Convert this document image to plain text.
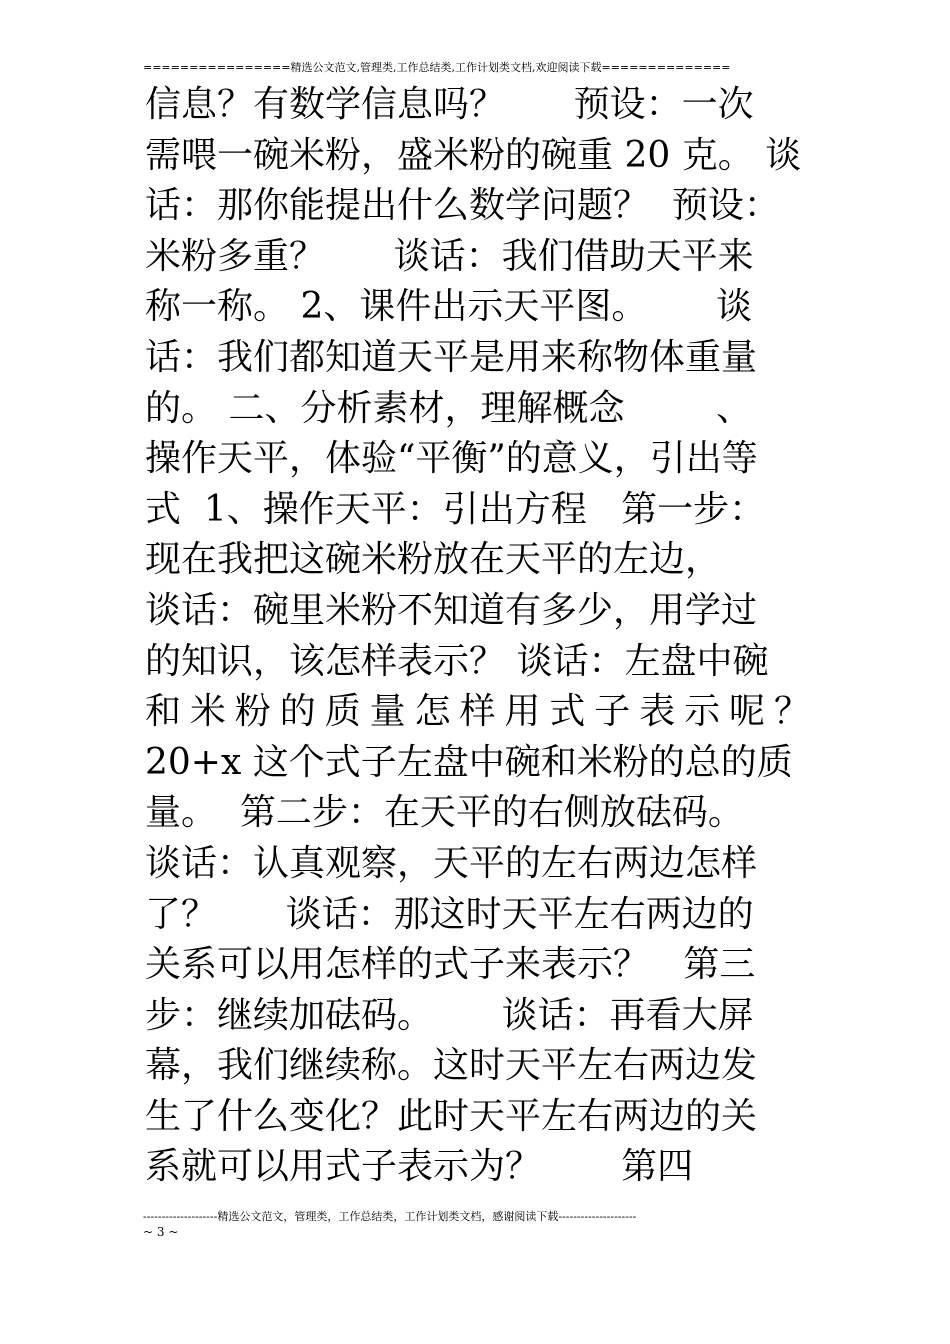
================精选公文范文,管理类,工作总结类,工作计划类文档,欢迎阅读下载==============
信息？有数学信息吗？      预设：一次
需喂一碗米粉，盛米粉的碗重 20 克。 谈
话：那你能提出什么数学问题？  预设：
米粉多重？      谈话：我们借助天平来
称一称。 2、课件出示天平图。      谈
话：我们都知道天平是用来称物体重量
的。 二、分析素材，理解概念        、
操作天平，体验“平衡”的意义，引出等
式  1、操作天平：引出方程   第一步：
现在我把这碗米粉放在天平的左边，
谈话：碗里米粉不知道有多少，用学过
的知识，该怎样表示？ 谈话：左盘中碗
和米粉的质量怎样用式子表示呢？
20+x 这个式子左盘中碗和米粉的总的质
量。  第二步：在天平的右侧放砝码。
谈话：认真观察，天平的左右两边怎样
了？      谈话：那这时天平左右两边的
关系可以用怎样的式子来表示？   第三
步：继续加砝码。      谈话：再看大屏
幕，我们继续称。这时天平左右两边发
生了什么变化？此时天平左右两边的关
系就可以用式子表示为？       第四
--------------------精选公文范文，管理类，工作总结类，工作计划类文档，感谢阅读下载---------------------
~ 3 ~
